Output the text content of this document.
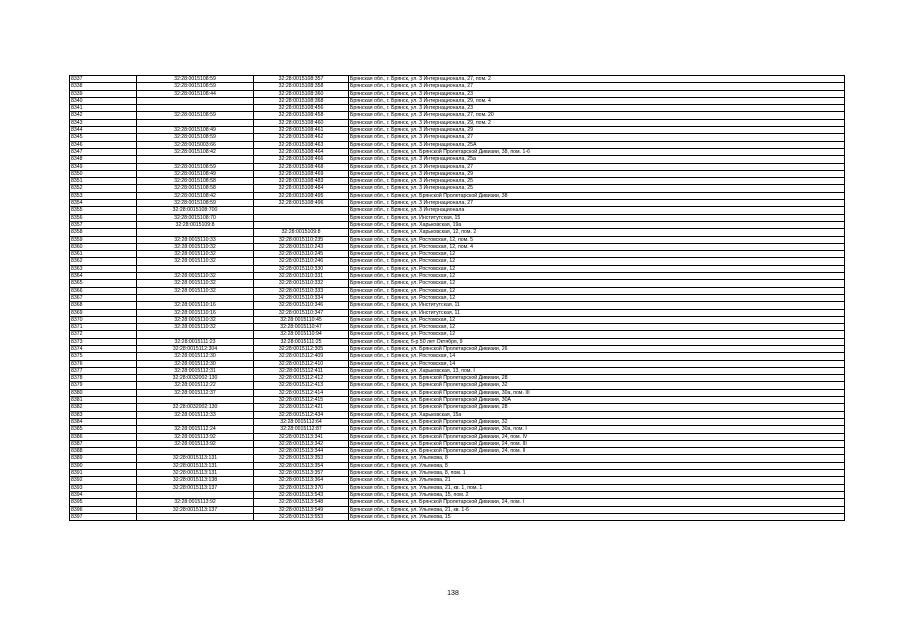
8337	32:28:0015108:59	32:28:0015108:357	Брянская обл., г. Брянск, ул. 3 Интернационала, 27, пом. 2
8338	32:28:0015108:59	32:28:0015108:358	Брянская обл., г. Брянск, ул. 3 Интернационала, 27
8339	32:28:0015108:44	32:28:0015108:360	Брянская обл., г. Брянск, ул. 3 Интернационала, 23
8340		32:28:0015108:368	Брянская обл., г. Брянск, ул. 3 Интернационала, 29, пом. 4
8341		32:28:0015108:456	Брянская обл., г. Брянск, ул. 3 Интернационала, 23
8342	32:28:0015108:59	32:28:0015108:458	Брянская обл., г. Брянск, ул. 3 Интернационала, 27, пом. 20
8343		32:28:0015108:460	Брянская обл., г. Брянск, ул. 3 Интернационала, 29, пом. 2
8344	32:28:0015108:49	32:28:0015108:461	Брянская обл., г. Брянск, ул. 3 Интернационала, 29
8345	32:28:0015108:59	32:28:0015108:462	Брянская обл., г. Брянск, ул. 3 Интернационала, 27
8346	32:28:0015003:66	32:28:0015108:463	Брянская обл., г. Брянск, ул. 3 Интернационала, 25А
8347	32:28:0015108:42	32:28:0015108:464	Брянская обл., г. Брянск, ул. Брянской Пролетарской Дивизии, 38, пом. 1-6
8348		32:28:0015108:466	Брянская обл., г. Брянск, ул. 3 Интернационала, 25а
8349	32:28:0015108:59	32:28:0015108:468	Брянская обл., г. Брянск, ул. 3 Интернационала, 27
8350	32:28:0015108:49	32:28:0015108:469	Брянская обл., г. Брянск, ул. 3 Интернационала, 29
8351	32:28:0015108:58	32:28:0015108:483	Брянская обл., г. Брянск, ул. 3 Интернационала, 25
8352	32:28:0015108:58	32:28:0015108:484	Брянская обл., г. Брянск, ул. 3 Интернационала, 25
8353	32:28:0015108:42	32:28:0015108:495	Брянская обл., г. Брянск, ул. Брянской Пролетарской Дивизии, 38
8354	32:28:0015108:59	32:28:0015108:496	Брянская обл., г. Брянск, ул. 3 Интернационала, 27
8355	32:28:0015108:700		Брянская обл., г. Брянск, ул. 3 Интернационала
8356	32:28:0015108:70		Брянская обл., г. Брянск, ул. Институтская, 15
8357	32:28:0015109:8		Брянская обл., г. Брянск, ул. Харьковская, 19а
8358		32:28:0015109:8	Брянская обл., г. Брянск, ул. Харьковская, 12, пом. 2
8359	32:28:0015110:33	32:28:0015110:235	Брянская обл., г. Брянск, ул. Ростовская, 12, пом. 5
8360	32:28:0015110:32	32:28:0015110:243	Брянская обл., г. Брянск, ул. Ростовская, 12, пом. 4
8361	32:28:0015110:32	32:28:0015110:245	Брянская обл., г. Брянск, ул. Ростовская, 12
8362	32:28:0015110:32	32:28:0015110:246	Брянская обл., г. Брянск, ул. Ростовская, 12
8363		32:28:0015110:330	Брянская обл., г. Брянск, ул. Ростовская, 12
8364	32:28:0015110:32	32:28:0015110:331	Брянская обл., г. Брянск, ул. Ростовская, 12
8365	32:28:0015110:32	32:28:0015110:332	Брянская обл., г. Брянск, ул. Ростовская, 12
8366	32:28:0015110:32	32:28:0015110:333	Брянская обл., г. Брянск, ул. Ростовская, 12
8367		32:28:0015110:334	Брянская обл., г. Брянск, ул. Ростовская, 12
8368	32:28:0015110:16	32:28:0015110:346	Брянская обл., г. Брянск, ул. Институтская, 11
8369	32:28:0015110:16	32:28:0015110:347	Брянская обл., г. Брянск, ул. Институтская, 11
8370	32:28:0015110:32	32:28:0015110:45	Брянская обл., г. Брянск, ул. Ростовская, 12
8371	32:28:0015110:32	32:28:0015110:47	Брянская обл., г. Брянск, ул. Ростовская, 12
8372		32:28:0015110:94	Брянская обл., г. Брянск, ул. Ростовская, 12
8373	32:28:0015111:23	32:28:0015111:25	Брянская обл., г. Брянск, б-р 50 лет Октября, 9
8374	32:28:0015112:304	32:28:0015112:305	Брянская обл., г. Брянск, ул. Брянской Пролетарской Дивизии, 26
8375	32:28:0015112:30	32:28:0015112:409	Брянская обл., г. Брянск, ул. Ростовская, 14
8376	32:28:0015112:30	32:28:0015112:410	Брянская обл., г. Брянск, ул. Ростовская, 14
8377	32:28:0015112:31	32:28:0015112:411	Брянская обл., г. Брянск, ул. Харьковская, 13, пом. I
8378	32:28:0032002:130	32:28:0015112:412	Брянская обл., г. Брянск, ул. Брянской Пролетарской Дивизии, 28
8379	32:28:0015112:22	32:28:0015112:413	Брянская обл., г. Брянск, ул. Брянской Пролетарской Дивизии, 32
8380	32:28:0015112:37	32:28:0015112:414	Брянская обл., г. Брянск, ул. Брянской Пролетарской Дивизии, 30а, пом. III
8381		32:28:0015112:415	Брянская обл., г. Брянск, ул. Брянской Пролетарской Дивизии, 30А
8382	32:28:0032002:130	32:28:0015112:421	Брянская обл., г. Брянск, ул. Брянской Пролетарской Дивизии, 28
8383	32:28:0015112:33	32:28:0015112:434	Брянская обл., г. Брянск, ул. Харьковская, 15а
8384		32:28:0015112:64	Брянская обл., г. Брянск, ул. Брянской Пролетарской Дивизии, 32
8385	32:28:0015112:24	32:28:0015112:87	Брянская обл., г. Брянск, ул. Брянской Пролетарской Дивизии, 30а, пом. I
8386	32:28:0015113:92	32:28:0015113:341	Брянская обл., г. Брянск, ул. Брянской Пролетарской Дивизии, 24, пом. IV
8387	32:28:0015113:92	32:28:0015113:342	Брянская обл., г. Брянск, ул. Брянской Пролетарской Дивизии, 24, пом. III
8388		32:28:0015113:344	Брянская обл., г. Брянск, ул. Брянской Пролетарской Дивизии, 24, пом. II
8389	32:28:0015113:131	32:28:0015113:353	Брянская обл., г. Брянск, ул. Ульянова, 8
8390	32:28:0015113:131	32:28:0015113:354	Брянская обл., г. Брянск, ул. Ульянова, 8
8391	32:28:0015113:131	32:28:0015113:357	Брянская обл., г. Брянск, ул. Ульянова, 8, пом. 1
8392	32:28:0015113:138	32:28:0015113:364	Брянская обл., г. Брянск, ул. Ульянова, 21
8393	32:28:0015113:137	32:28:0015113:370	Брянская обл., г. Брянск, ул. Ульянова, 21, кв. 1, пом. 1
8394		32:28:0015113:543	Брянская обл., г. Брянск, ул. Ульянова, 15, пом. 2
8395	32:28:0015113:92	32:28:0015113:548	Брянская обл., г. Брянск, ул. Брянской Пролетарской Дивизии, 24, пом. I
8396	32:28:0015113:137	32:28:0015113:549	Брянская обл., г. Брянск, ул. Ульянова, 21, кв. 1-6
8397		32:28:0015113:553	Брянская обл., г. Брянск, ул. Ульянова, 15
138
